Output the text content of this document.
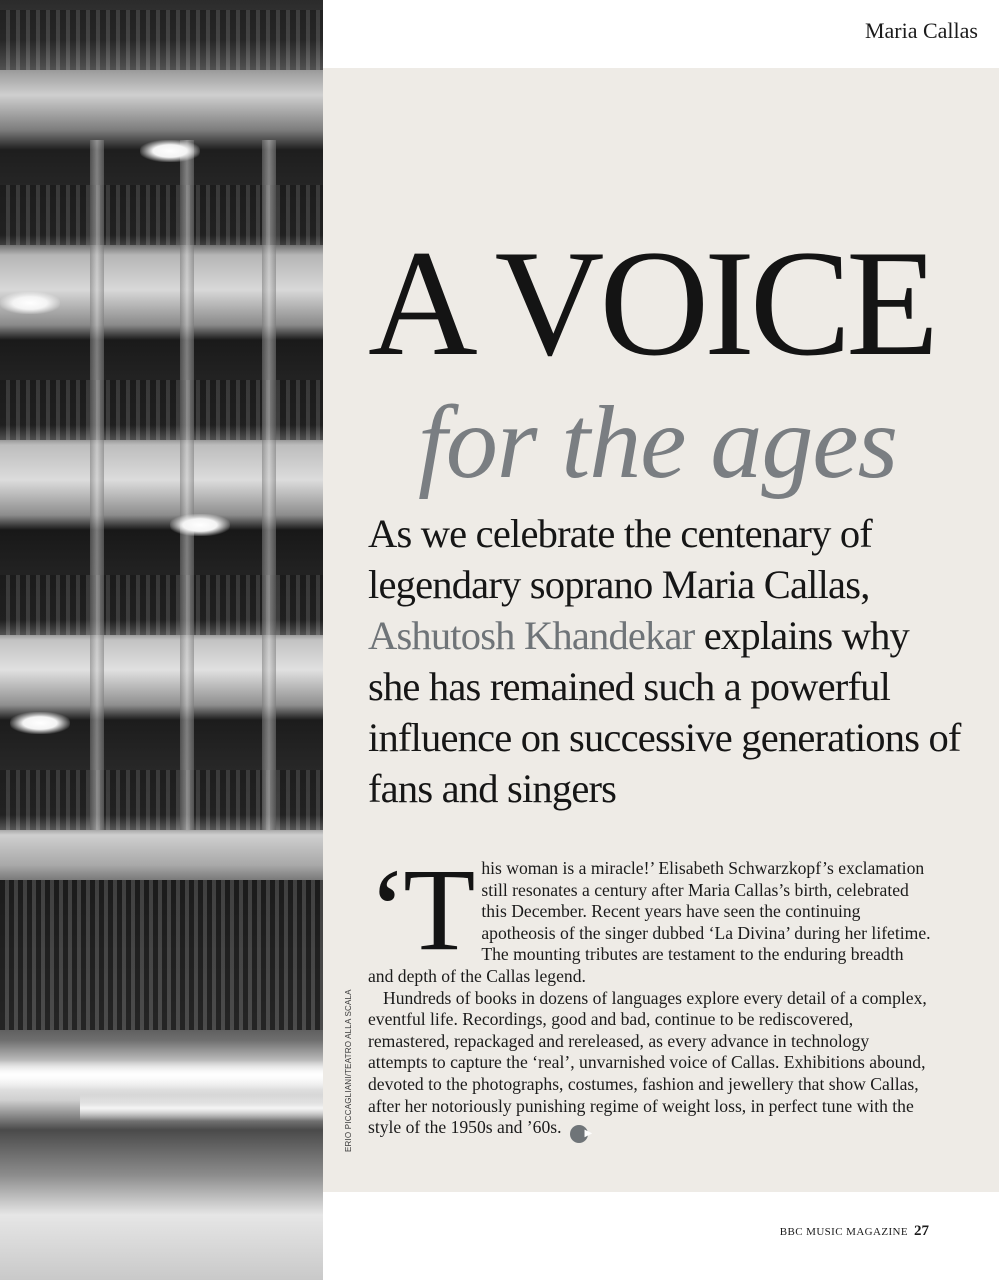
Maria Callas

A VOICE
for the ages

As we celebrate the centenary of legendary soprano Maria Callas, Ashutosh Khandekar explains why she has remained such a powerful influence on successive generations of fans and singers

‘This woman is a miracle!’ Elisabeth Schwarzkopf’s exclamation still resonates a century after Maria Callas’s birth, celebrated this December. Recent years have seen the continuing apotheosis of the singer dubbed ‘La Divina’ during her lifetime. The mounting tributes are testament to the enduring breadth and depth of the Callas legend.

Hundreds of books in dozens of languages explore every detail of a complex, eventful life. Recordings, good and bad, continue to be rediscovered, remastered, repackaged and rereleased, as every advance in technology attempts to capture the ‘real’, unvarnished voice of Callas. Exhibitions abound, devoted to the photographs, costumes, fashion and jewellery that show Callas, after her notoriously punishing regime of weight loss, in perfect tune with the style of the 1950s and ’60s. ▶

ERIO PICCAGLIANI/TEATRO ALLA SCALA

BBC MUSIC MAGAZINE 27
